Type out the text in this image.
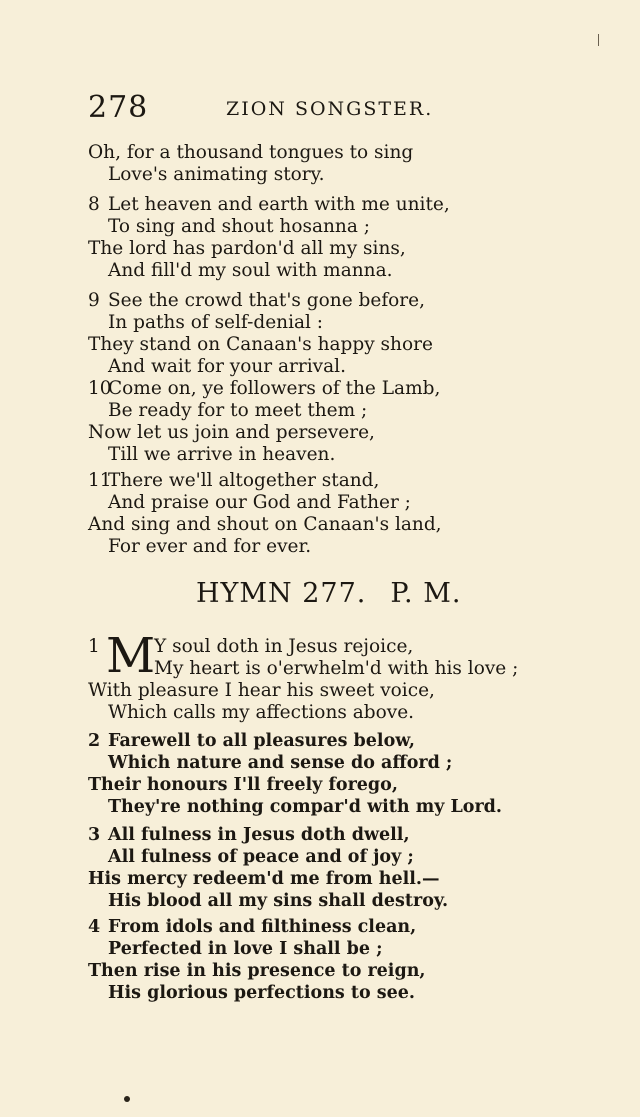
278	ZION SONGSTER.
Oh, for a thousand tongues to sing
Love's animating story.
8 Let heaven and earth with me unite,
To sing and shout hosanna ;
The lord has pardon'd all my sins,
And fill'd my soul with manna.
9 See the crowd that's gone before,
In paths of self-denial :
They stand on Canaan's happy shore
And wait for your arrival.
10Come on, ye followers of the Lamb,
Be ready for to meet them ;
Now let us join and persevere,
Till we arrive in heaven.
11There we'll altogether stand,
And praise our God and Father ;
And sing and shout on Canaan's land,
For ever and for ever.
HYMN 277. P. M.
1 M
Y soul doth in Jesus rejoice,
My heart is o'erwhelm'd with his love ;
With pleasure I hear his sweet voice,
Which calls my affections above.
2 Farewell to all pleasures below,
Which nature and sense do afford ;
Their honours I'll freely forego,
They're nothing compar'd with my Lord.
3 All fulness in Jesus doth dwell,
All fulness of peace and of joy ;
His mercy redeem'd me from hell.—
His blood all my sins shall destroy.
4 From idols and filthiness clean,
Perfected in love I shall be ;
Then rise in his presence to reign,
His glorious perfections to see.
